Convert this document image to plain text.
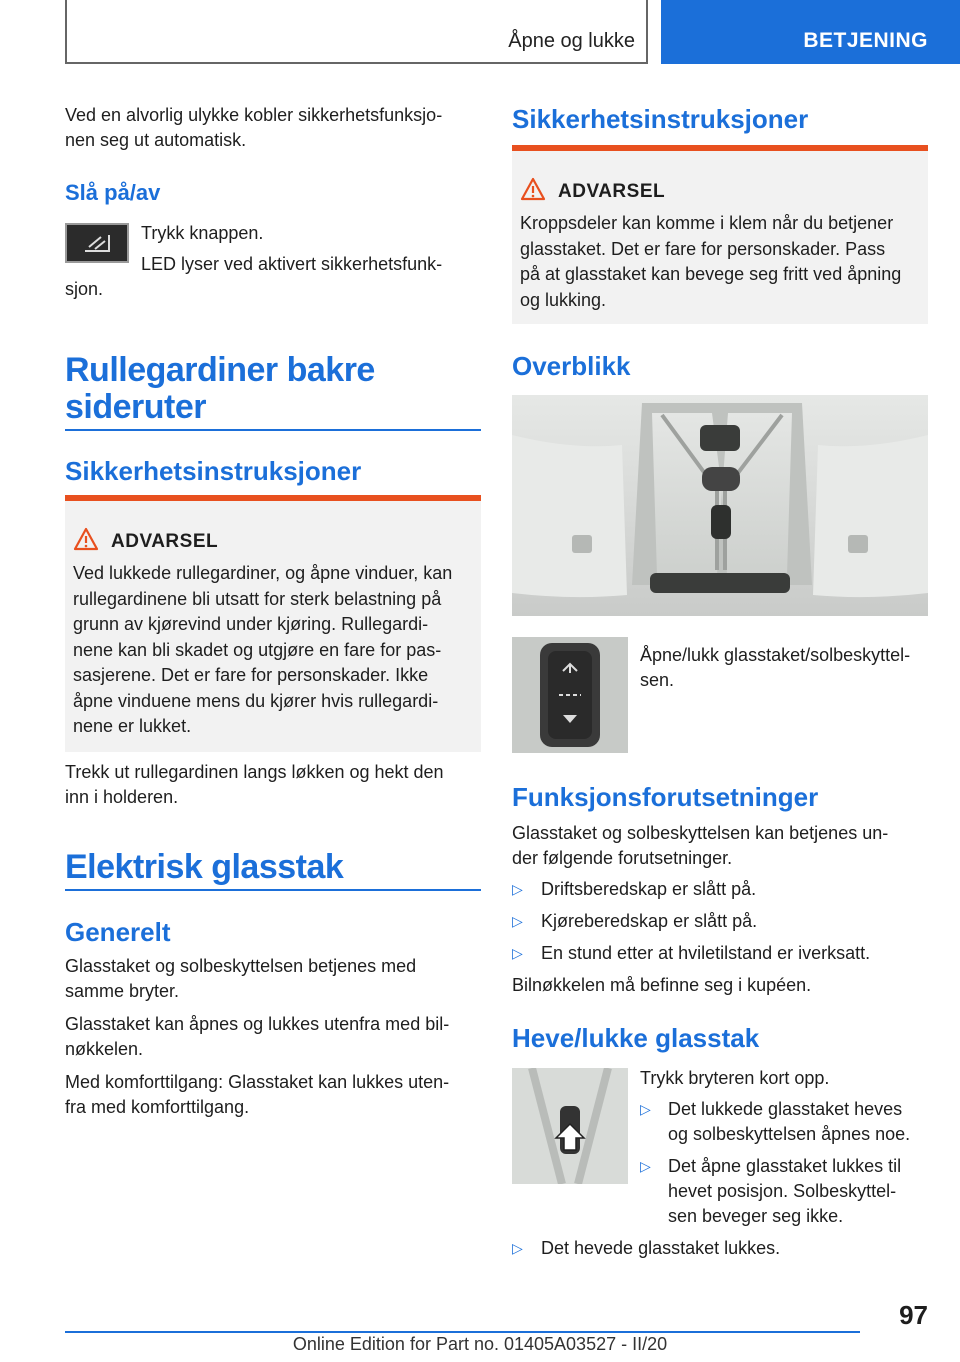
Åpne og lukke	BETJENING

Ved en alvorlig ulykke kobler sikkerhetsfunksjo-

nen seg ut automatisk.

Slå på/av

Trykk knappen.

LED lyser ved aktivert sikkerhetsfunk-

sjon.

Rullegardiner bakre
sideruter
Sikkerhetsinstruksjoner
ADVARSEL
Ved lukkede rullegardiner, og åpne vinduer, kan
rullegardinene bli utsatt for sterk belastning på
grunn av kjørevind under kjøring. Rullegardi-
nene kan bli skadet og utgjøre en fare for pas-
sasjerene. Det er fare for personskader. Ikke
åpne vinduene mens du kjører hvis rullegardi-
nene er lukket.

Trekk ut rullegardinen langs løkken og hekt den

inn i holderen.

Elektrisk glasstak
Generelt

Glasstaket og solbeskyttelsen betjenes med

samme bryter.

Glasstaket kan åpnes og lukkes utenfra med bil-

nøkkelen.

Med komforttilgang: Glasstaket kan lukkes uten-

fra med komforttilgang.

Sikkerhetsinstruksjoner
ADVARSEL
Kroppsdeler kan komme i klem når du betjener
glasstaket. Det er fare for personskader. Pass
på at glasstaket kan bevege seg fritt ved åpning
og lukking.
Overblikk

Åpne/lukk glasstaket/solbeskyttel-

sen.

Funksjonsforutsetninger

Glasstaket og solbeskyttelsen kan betjenes un-

der følgende forutsetninger.

▷ Driftsberedskap er slått på.
▷ Kjøreberedskap er slått på.
▷ En stund etter at hviletilstand er iverksatt.

Bilnøkkelen må befinne seg i kupéen.

Heve/lukke glasstak

Trykk bryteren kort opp.

▷ Det lukkede glasstaket heves
og solbeskyttelsen åpnes noe.
▷ Det åpne glasstaket lukkes til
hevet posisjon. Solbeskyttel-
sen beveger seg ikke.
▷ Det hevede glasstaket lukkes.
97
Online Edition for Part no. 01405A03527 - II/20
